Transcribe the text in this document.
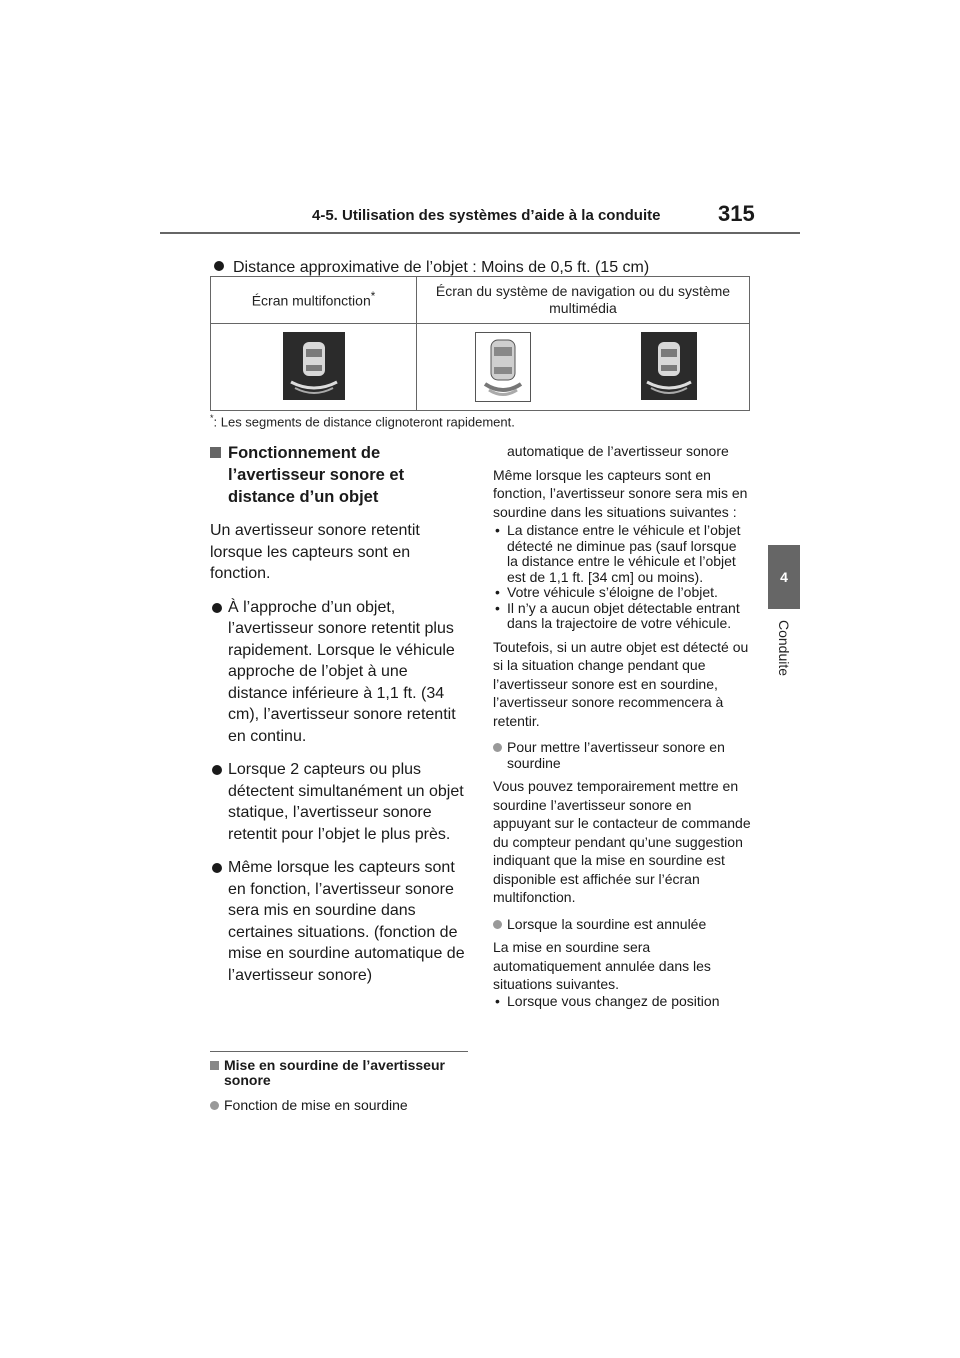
4-5. Utilisation des systèmes d’aide à la conduite	315
4
Conduite
Distance approximative de l’objet : Moins de 0,5 ft. (15 cm)
Écran multifonction*	Écran du système de navigation ou du système multimédia

*: Les segments de distance clignoteront rapidement.
Fonctionnement de l’avertisseur sonore et distance d’un objet
Un avertisseur sonore retentit lorsque les capteurs sont en fonction.
À l’approche d’un objet, l’avertisseur sonore retentit plus rapidement. Lorsque le véhicule approche de l’objet à une distance inférieure à 1,1 ft. (34 cm), l’avertisseur sonore retentit en continu.
Lorsque 2 capteurs ou plus détectent simultanément un objet statique, l’avertisseur sonore retentit pour l’objet le plus près.
Même lorsque les capteurs sont en fonction, l’avertisseur sonore sera mis en sourdine dans certaines situations. (fonction de mise en sourdine automatique de l’avertisseur sonore)
Mise en sourdine de l’avertisseur sonore
Fonction de mise en sourdine
automatique de l’avertisseur sonore
Même lorsque les capteurs sont en fonction, l’avertisseur sonore sera mis en sourdine dans les situations suivantes :
• La distance entre le véhicule et l’objet détecté ne diminue pas (sauf lorsque la distance entre le véhicule et l’objet est de 1,1 ft. [34 cm] ou moins).
• Votre véhicule s’éloigne de l’objet.
• Il n’y a aucun objet détectable entrant dans la trajectoire de votre véhicule.
Toutefois, si un autre objet est détecté ou si la situation change pendant que l’avertisseur sonore est en sourdine, l’avertisseur sonore recommencera à retentir.
Pour mettre l’avertisseur sonore en sourdine
Vous pouvez temporairement mettre en sourdine l’avertisseur sonore en appuyant sur le contacteur de commande du compteur pendant qu’une suggestion indiquant que la mise en sourdine est disponible est affichée sur l’écran multifonction.
Lorsque la sourdine est annulée
La mise en sourdine sera automatiquement annulée dans les situations suivantes.
• Lorsque vous changez de position
